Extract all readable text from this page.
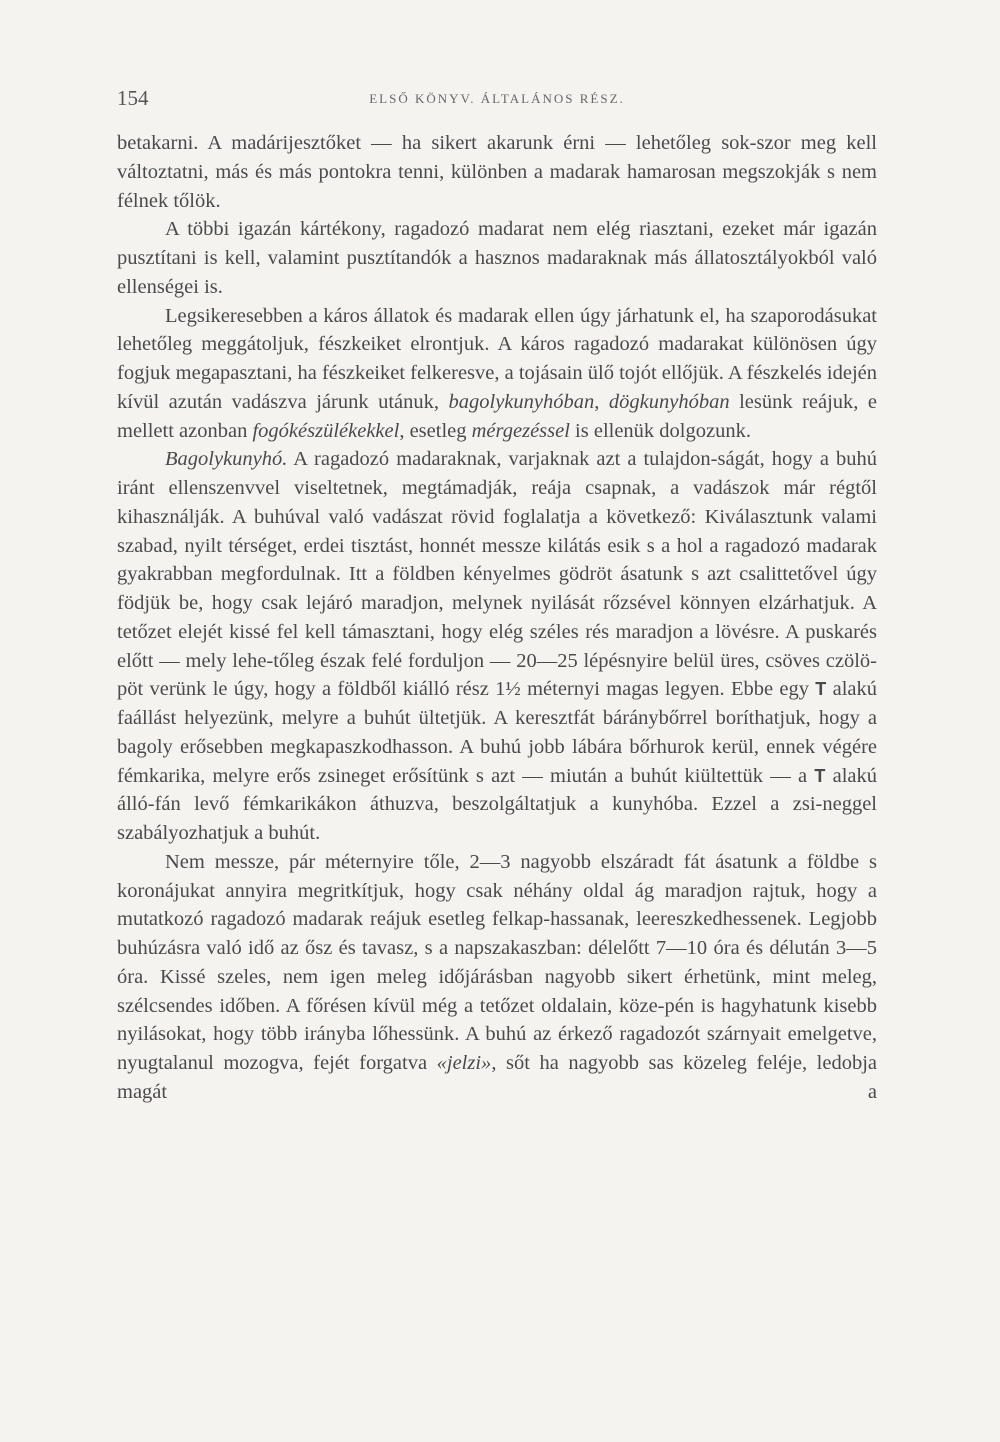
154	ELSŐ KÖNYV. ÁLTALÁNOS RÉSZ.

betakarni. A madárijesztőket — ha sikert akarunk érni — lehetőleg sok-szor meg kell változtatni, más és más pontokra tenni, különben a madarak hamarosan megszokják s nem félnek tőlök.

A többi igazán kártékony, ragadozó madarat nem elég riasztani, ezeket már igazán pusztítani is kell, valamint pusztítandók a hasznos madaraknak más állatosztályokból való ellenségei is.

Legsikeresebben a káros állatok és madarak ellen úgy járhatunk el, ha szaporodásukat lehetőleg meggátoljuk, fészkeiket elrontjuk. A káros ragadozó madarakat különösen úgy fogjuk megapasztani, ha fészkeiket felkeresve, a tojásain ülő tojót ellőjük. A fészkelés idején kívül azután vadászva járunk utánuk, bagolykunyhóban, dögkunyhóban lesünk reájuk, e mellett azonban fogókészülékekkel, esetleg mérgezéssel is ellenük dolgozunk.

Bagolykunyhó. A ragadozó madaraknak, varjaknak azt a tulajdon-ságát, hogy a buhú iránt ellenszenvvel viseltetnek, megtámadják, reája csapnak, a vadászok már régtől kihasználják. A buhúval való vadászat rövid foglalatja a következő: Kiválasztunk valami szabad, nyilt térséget, erdei tisztást, honnét messze kilátás esik s a hol a ragadozó madarak gyakrabban megfordulnak. Itt a földben kényelmes gödröt ásatunk s azt csalittetővel úgy födjük be, hogy csak lejáró maradjon, melynek nyilását rőzsével könnyen elzárhatjuk. A tetőzet elejét kissé fel kell támasztani, hogy elég széles rés maradjon a lövésre. A puskarés előtt — mely lehe-tőleg észak felé forduljon — 20—25 lépésnyire belül üres, csöves czölö-pöt verünk le úgy, hogy a földből kiálló rész 1½ méternyi magas legyen. Ebbe egy T alakú faállást helyezünk, melyre a buhút ültetjük. A keresztfát báránybőrrel boríthatjuk, hogy a bagoly erősebben megkapaszkodhasson. A buhú jobb lábára bőrhurok kerül, ennek végére fémkarika, melyre erős zsineget erősítünk s azt — miután a buhút kiültettük — a T alakú álló-fán levő fémkarikákon áthuzva, beszolgáltatjuk a kunyhóba. Ezzel a zsi-neggel szabályozhatjuk a buhút.

Nem messze, pár méternyire tőle, 2—3 nagyobb elszáradt fát ásatunk a földbe s koronájukat annyira megritkítjuk, hogy csak néhány oldal ág maradjon rajtuk, hogy a mutatkozó ragadozó madarak reájuk esetleg felkap-hassanak, leereszkedhessenek. Legjobb buhúzásra való idő az ősz és tavasz, s a napszakaszban: délelőtt 7—10 óra és délután 3—5 óra. Kissé szeles, nem igen meleg időjárásban nagyobb sikert érhetünk, mint meleg, szélcsendes időben. A főrésen kívül még a tetőzet oldalain, köze-pén is hagyhatunk kisebb nyilásokat, hogy több irányba lőhessünk. A buhú az érkező ragadozót szárnyait emelgetve, nyugtalanul mozogva, fejét forgatva «jelzi», sőt ha nagyobb sas közeleg feléje, ledobja magát a
